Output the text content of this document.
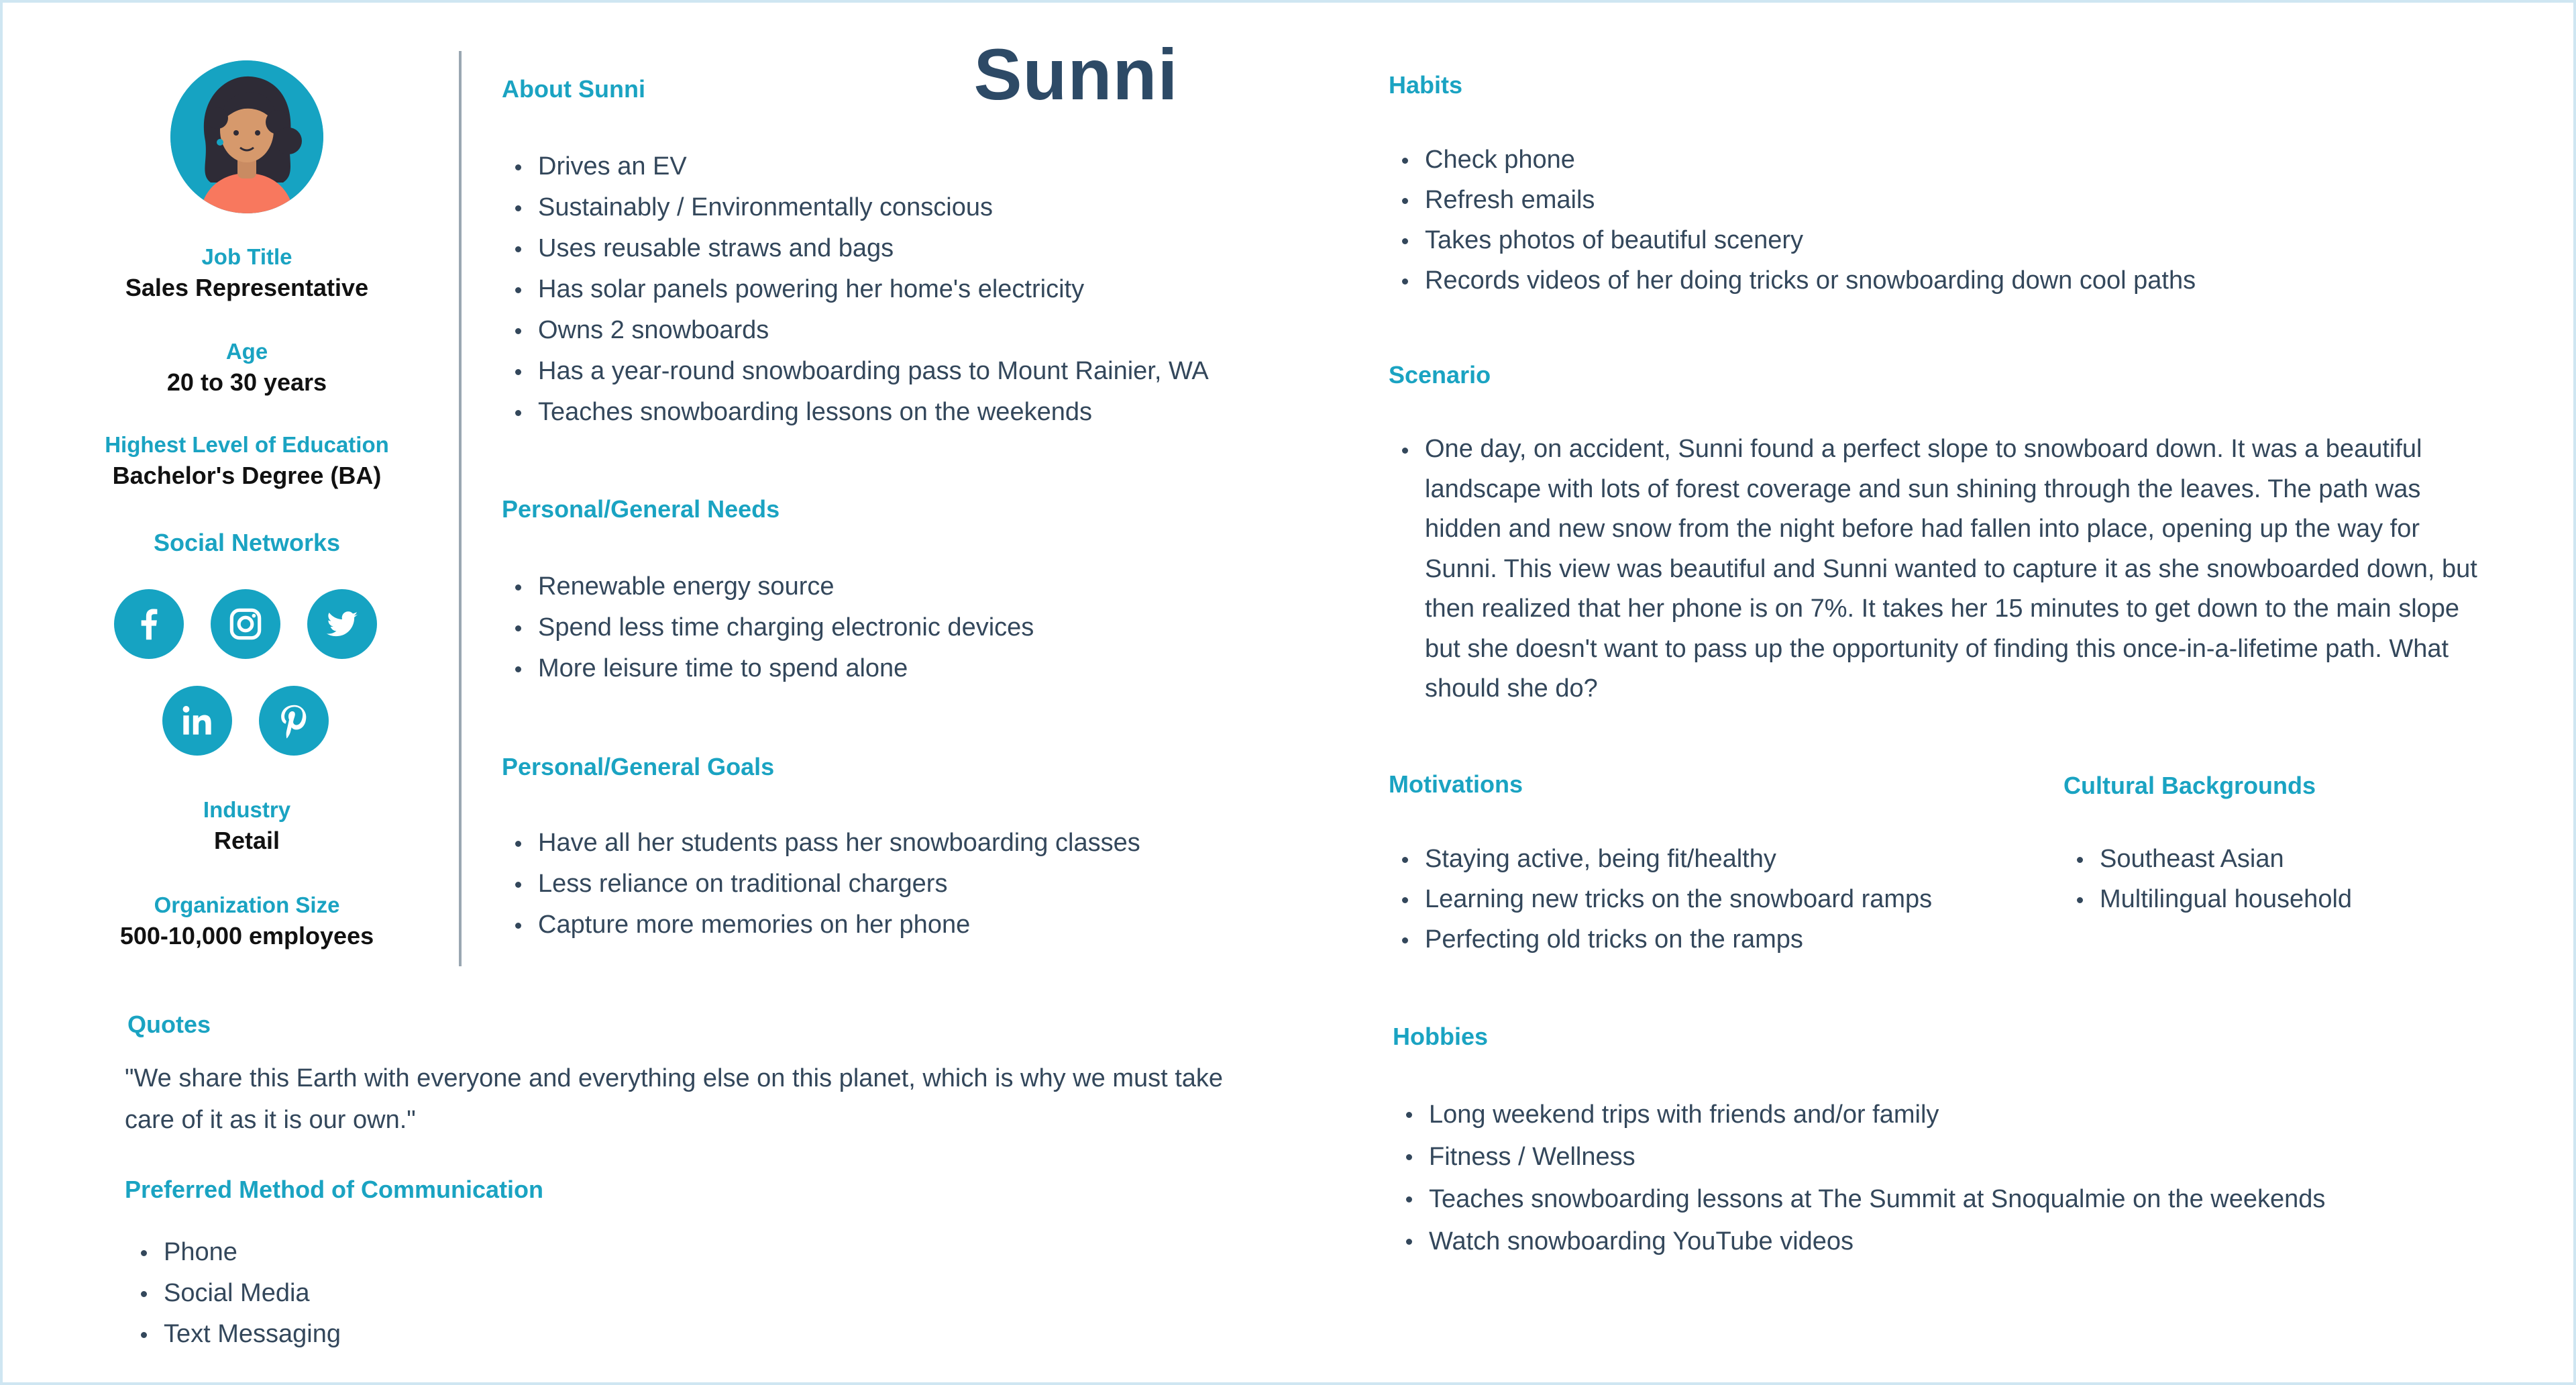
Job Title
Sales Representative
Age
20 to 30 years
Highest Level of Education
Bachelor's Degree (BA)
Social Networks
Industry
Retail
Organization Size
500-10,000 employees
Sunni
About Sunni
Drives an EV
Sustainably / Environmentally conscious
Uses reusable straws and bags
Has solar panels powering her home's electricity
Owns 2 snowboards
Has a year-round snowboarding pass to Mount Rainier, WA
Teaches snowboarding lessons on the weekends
Personal/General Needs
Renewable energy source
Spend less time charging electronic devices
More leisure time to spend alone
Personal/General Goals
Have all her students pass her snowboarding classes
Less reliance on traditional chargers
Capture more memories on her phone
Quotes
"We share this Earth with everyone and everything else on this planet, which is why we must take care of it as it is our own."
Preferred Method of Communication
Phone
Social Media
Text Messaging
Habits
Check phone
Refresh emails
Takes photos of beautiful scenery
Records videos of her doing tricks or snowboarding down cool paths
Scenario
One day, on accident, Sunni found a perfect slope to snowboard down. It was a beautiful landscape with lots of forest coverage and sun shining through the leaves. The path was hidden and new snow from the night before had fallen into place, opening up the way for Sunni. This view was beautiful and Sunni wanted to capture it as she snowboarded down, but then realized that her phone is on 7%. It takes her 15 minutes to get down to the main slope but she doesn't want to pass up the opportunity of finding this once-in-a-lifetime path. What should she do?
Motivations
Staying active, being fit/healthy
Learning new tricks on the snowboard ramps
Perfecting old tricks on the ramps
Cultural Backgrounds
Southeast Asian
Multilingual household
Hobbies
Long weekend trips with friends and/or family
Fitness / Wellness
Teaches snowboarding lessons at The Summit at Snoqualmie on the weekends
Watch snowboarding YouTube videos
